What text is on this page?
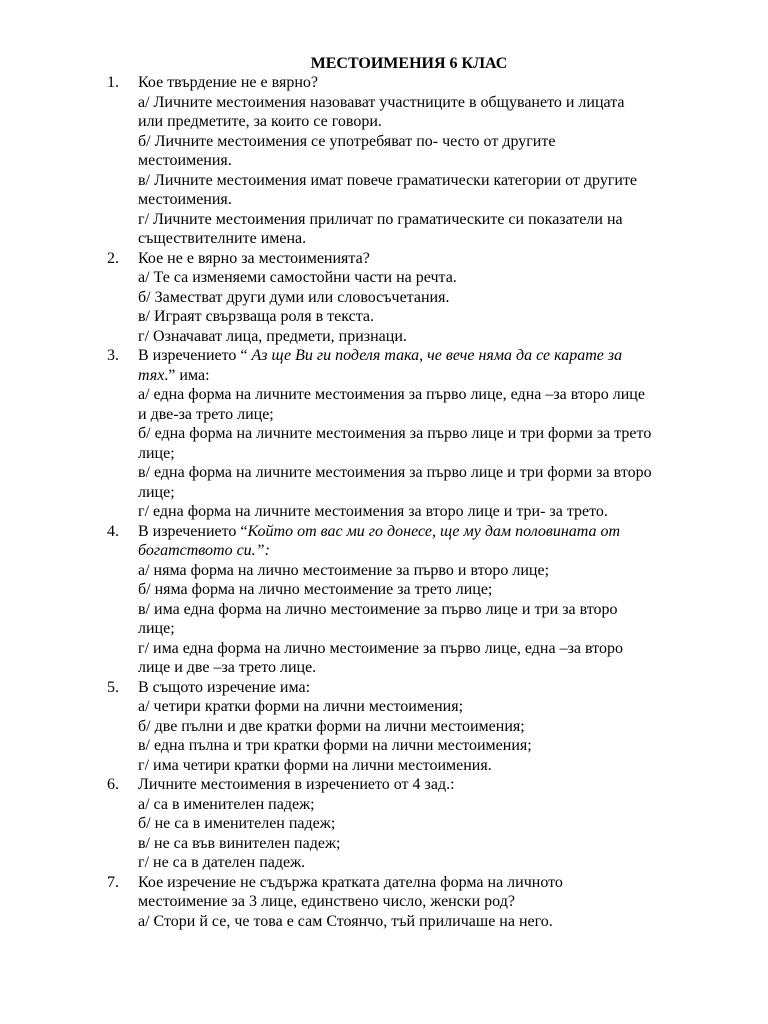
МЕСТОИМЕНИЯ 6 КЛАС
1.	Кое твърдение не е вярно?
а/ Личните местоимения назовават участниците в общуването и лицата
или предметите, за които се говори.
б/ Личните местоимения се употребяват по- често от другите
местоимения.
в/ Личните местоимения имат повече граматически категории от другите
местоимения.
г/ Личните местоимения приличат по граматическите си показатели на
съществителните имена.
2.	Кое не е вярно за местоименията?
а/ Те са изменяеми самостойни части на речта.
б/ Заместват други думи или словосъчетания.
в/ Играят свързваща роля в текста.
г/ Означават лица, предмети, признаци.
3.	В изречението “ Аз ще Ви ги поделя така, че вече няма да се карате за
тях.” има:
а/ една форма на личните местоимения за първо лице, една –за второ лице
и две-за трето лице;
б/ една форма на личните местоимения за първо лице и три форми за трето
лице;
в/ една форма на личните местоимения за първо лице и три форми за второ
лице;
г/ една форма на личните местоимения за второ лице и три- за трето.
4.	В изречението “Който от вас ми го донесе, ще му дам половината от
богатството си.”:
а/ няма форма на лично местоимение за първо и второ лице;
б/ няма форма на лично местоимение за трето лице;
в/ има една форма на лично местоимение за първо лице и три за второ
лице;
г/ има една форма на лично местоимение за първо лице, една –за второ
лице и две –за трето лице.
5.	В същото изречение има:
а/ четири кратки форми на лични местоимения;
б/ две пълни и две кратки форми на лични местоимения;
в/ една пълна и три кратки форми на лични местоимения;
г/ има четири кратки форми на лични местоимения.
6.	Личните местоимения в изречението от 4 зад.:
а/ са в именителен падеж;
б/ не са в именителен падеж;
в/ не са във винителен падеж;
г/ не са в дателен падеж.
7.	Кое изречение не съдържа кратката дателна форма на личното
местоимение за 3 лице, единствено число, женски род?
а/ Стори й се, че това е сам Стоянчо, тъй приличаше на него.
